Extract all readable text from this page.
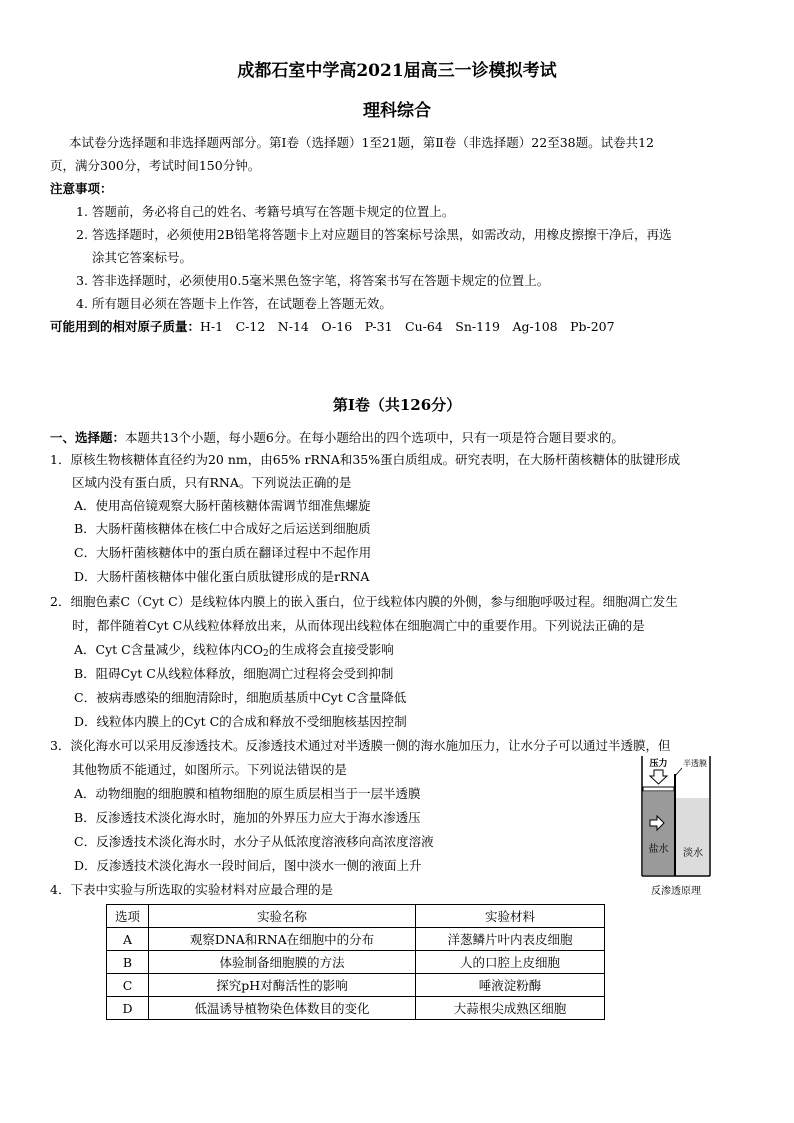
成都石室中学高2021届高三一诊模拟考试
理科综合
本试卷分选择题和非选择题两部分。第Ⅰ卷（选择题）1至21题，第Ⅱ卷（非选择题）22至38题。试卷共12
页，满分300分，考试时间150分钟。
注意事项：
1. 答题前，务必将自己的姓名、考籍号填写在答题卡规定的位置上。
2. 答选择题时，必须使用2B铅笔将答题卡上对应题目的答案标号涂黑，如需改动，用橡皮擦擦干净后，再选
涂其它答案标号。
3. 答非选择题时，必须使用0.5毫米黑色签字笔，将答案书写在答题卡规定的位置上。
4. 所有题目必须在答题卡上作答，在试题卷上答题无效。
可能用到的相对原子质量：H-1　C-12　N-14　O-16　P-31　Cu-64　Sn-119　Ag-108　Pb-207
第Ⅰ卷（共126分）
一、选择题：本题共13个小题，每小题6分。在每小题给出的四个选项中，只有一项是符合题目要求的。
1．原核生物核糖体直径约为20 nm，由65% rRNA和35%蛋白质组成。研究表明，在大肠杆菌核糖体的肽键形成
区域内没有蛋白质，只有RNA。下列说法正确的是
A．使用高倍镜观察大肠杆菌核糖体需调节细准焦螺旋
B．大肠杆菌核糖体在核仁中合成好之后运送到细胞质
C．大肠杆菌核糖体中的蛋白质在翻译过程中不起作用
D．大肠杆菌核糖体中催化蛋白质肽键形成的是rRNA
2．细胞色素C（Cyt C）是线粒体内膜上的嵌入蛋白，位于线粒体内膜的外侧，参与细胞呼吸过程。细胞凋亡发生
时，都伴随着Cyt C从线粒体释放出来，从而体现出线粒体在细胞凋亡中的重要作用。下列说法正确的是
A．Cyt C含量减少，线粒体内$CO_2$的生成将会直接受影响
B．阻碍Cyt C从线粒体释放，细胞凋亡过程将会受到抑制
C．被病毒感染的细胞清除时，细胞质基质中Cyt C含量降低
D．线粒体内膜上的Cyt C的合成和释放不受细胞核基因控制
3．淡化海水可以采用反渗透技术。反渗透技术通过对半透膜一侧的海水施加压力，让水分子可以通过半透膜，但
其他物质不能通过，如图所示。下列说法错误的是
A．动物细胞的细胞膜和植物细胞的原生质层相当于一层半透膜
B．反渗透技术淡化海水时，施加的外界压力应大于海水渗透压
C．反渗透技术淡化海水时，水分子从低浓度溶液移向高浓度溶液
D．反渗透技术淡化海水一段时间后，图中淡水一侧的液面上升
压力 半透膜
盐水 淡水
反渗透原理
4．下表中实验与所选取的实验材料对应最合理的是
选项	实验名称	实验材料
A	观察DNA和RNA在细胞中的分布	洋葱鳞片叶内表皮细胞
B	体验制备细胞膜的方法	人的口腔上皮细胞
C	探究pH对酶活性的影响	唾液淀粉酶
D	低温诱导植物染色体数目的变化	大蒜根尖成熟区细胞
